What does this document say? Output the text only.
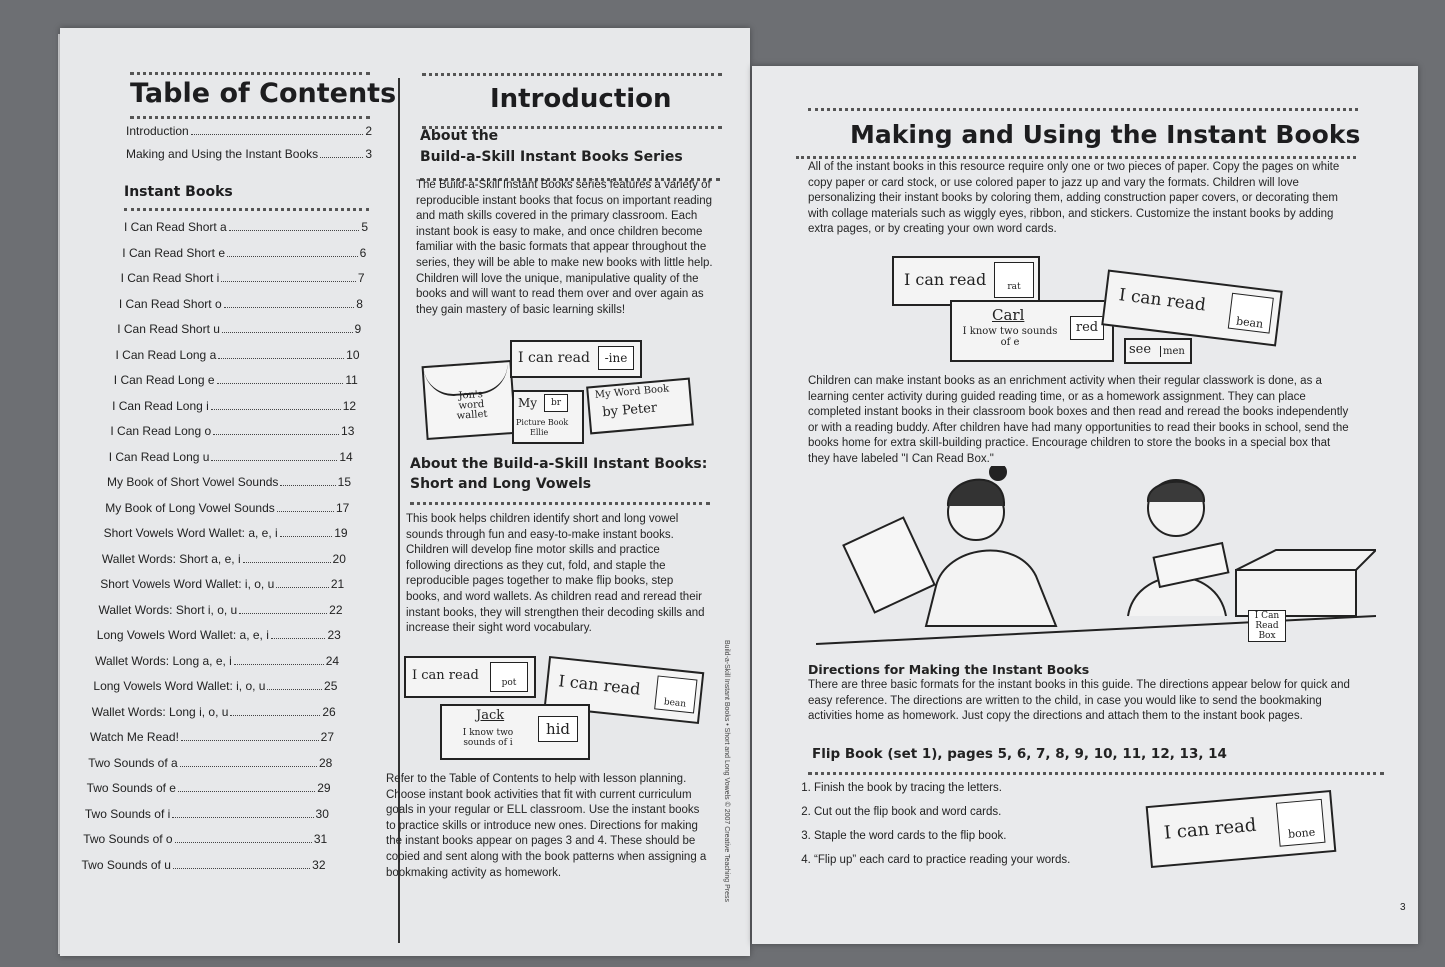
Table of Contents
Instant Books
Introduction
About the
Build-a-Skill Instant Books Series

The Build-a-Skill Instant Books series features a variety of reproducible instant books that focus on important reading and math skills covered in the primary classroom. Each instant book is easy to make, and once children become familiar with the basic formats that appear throughout the series, they will be able to make new books with little help. Children will love the unique, manipulative quality of the books and will want to read them over and over again as they gain mastery of basic learning skills!

Jon's word wallet
I can read	-ine
My	br
Picture Book
Ellie
My Word Book
by Peter
About the Build-a-Skill Instant Books:
Short and Long Vowels

This book helps children identify short and long vowel sounds through fun and easy-to-make instant books. Children will develop fine motor skills and practice following directions as they cut, fold, and staple the reproducible pages together to make flip books, step books, and word wallets. As children read and reread their instant books, they will strengthen their decoding skills and increase their sight word vocabulary.

I can read	pot	I can read
bean
Jack
I know two sounds of i
hid

Refer to the Table of Contents to help with lesson planning. Choose instant book activities that fit with current curriculum goals in your regular or ELL classroom. Use the instant books to practice skills or introduce new ones. Directions for making the instant books appear on pages 3 and 4. These should be copied and sent along with the book patterns when assigning a bookmaking activity as homework.

Introduction	2
Making and Using the Instant Books	3
I Can Read Short a	5
I Can Read Short e	6
I Can Read Short i	7
I Can Read Short o	8
I Can Read Short u	9
I Can Read Long a	10
I Can Read Long e	11
I Can Read Long i	12
I Can Read Long o	13
I Can Read Long u	14
My Book of Short Vowel Sounds	15
My Book of Long Vowel Sounds	17
Short Vowels Word Wallet: a, e, i	19
Wallet Words: Short a, e, i	20
Short Vowels Word Wallet: i, o, u	21
Wallet Words: Short i, o, u	22
Long Vowels Word Wallet: a, e, i	23
Wallet Words: Long a, e, i	24
Long Vowels Word Wallet: i, o, u	25
Wallet Words: Long i, o, u	26
Watch Me Read!	27
Two Sounds of a	28
Two Sounds of e	29
Two Sounds of i	30
Two Sounds of o	31
Two Sounds of u	32
Making and Using the Instant Books

All of the instant books in this resource require only one or two pieces of paper. Copy the pages on white copy paper or card stock, or use colored paper to jazz up and vary the formats. Children will love personalizing their instant books by coloring them, adding construction paper covers, or decorating them with collage materials such as wiggly eyes, ribbon, and stickers. Customize the instant books by adding extra pages, or by creating your own word cards.

I can read	rat
Carl
I know two sounds of e
red
I can read
bean
see	men

Children can make instant books as an enrichment activity when their regular classwork is done, as a learning center activity during guided reading time, or as a homework assignment. They can place completed instant books in their classroom book boxes and then read and reread the books independently or with a reading buddy. After children have had many opportunities to read their books in school, send the books home for extra skill-building practice. Encourage children to store the books in a special box that they have labeled "I Can Read Box."

I Can Read Box
Directions for Making the Instant Books

There are three basic formats for the instant books in this guide. The directions appear below for quick and easy reference. The directions are written to the child, in case you would like to send the bookmaking activities home as homework. Just copy the directions and attach them to the instant book pages.

Flip Book (set 1), pages 5, 6, 7, 8, 9, 10, 11, 12, 13, 14
1. Finish the book by tracing the letters.
2. Cut out the flip book and word cards.
3. Staple the word cards to the flip book.
4. “Flip up” each card to practice reading your words.
I can read	bone
3
Build-a-Skill Instant Books • Short and Long Vowels © 2007 Creative Teaching Press
